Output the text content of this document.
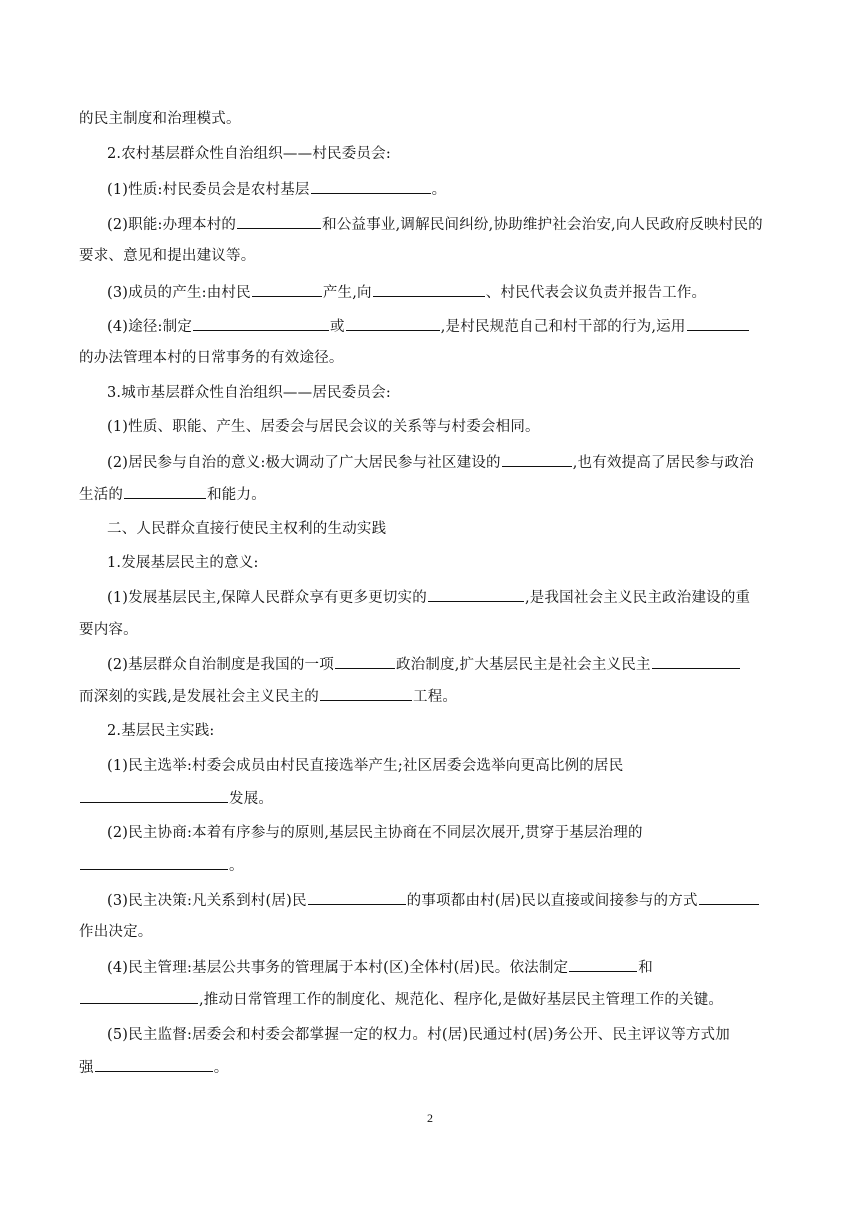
的民主制度和治理模式。
2.农村基层群众性自治组织——村民委员会:
(1)性质:村民委员会是农村基层	。
(2)职能:办理本村的	和公益事业,调解民间纠纷,协助维护社会治安,向人民政府反映村民的
要求、意见和提出建议等。
(3)成员的产生:由村民	产生,向	、村民代表会议负责并报告工作。
(4)途径:制定	或	,是村民规范自己和村干部的行为,运用
的办法管理本村的日常事务的有效途径。
3.城市基层群众性自治组织——居民委员会:
(1)性质、职能、产生、居委会与居民会议的关系等与村委会相同。
(2)居民参与自治的意义:极大调动了广大居民参与社区建设的	,也有效提高了居民参与政治
生活的	和能力。
二、人民群众直接行使民主权利的生动实践
1.发展基层民主的意义:
(1)发展基层民主,保障人民群众享有更多更切实的	,是我国社会主义民主政治建设的重
要内容。
(2)基层群众自治制度是我国的一项	政治制度,扩大基层民主是社会主义民主
而深刻的实践,是发展社会主义民主的	工程。
2.基层民主实践:
(1)民主选举:村委会成员由村民直接选举产生;社区居委会选举向更高比例的居民
发展。
(2)民主协商:本着有序参与的原则,基层民主协商在不同层次展开,贯穿于基层治理的
。
(3)民主决策:凡关系到村(居)民	的事项都由村(居)民以直接或间接参与的方式
作出决定。
(4)民主管理:基层公共事务的管理属于本村(区)全体村(居)民。依法制定	和
,推动日常管理工作的制度化、规范化、程序化,是做好基层民主管理工作的关键。
(5)民主监督:居委会和村委会都掌握一定的权力。村(居)民通过村(居)务公开、民主评议等方式加
强	。
2
